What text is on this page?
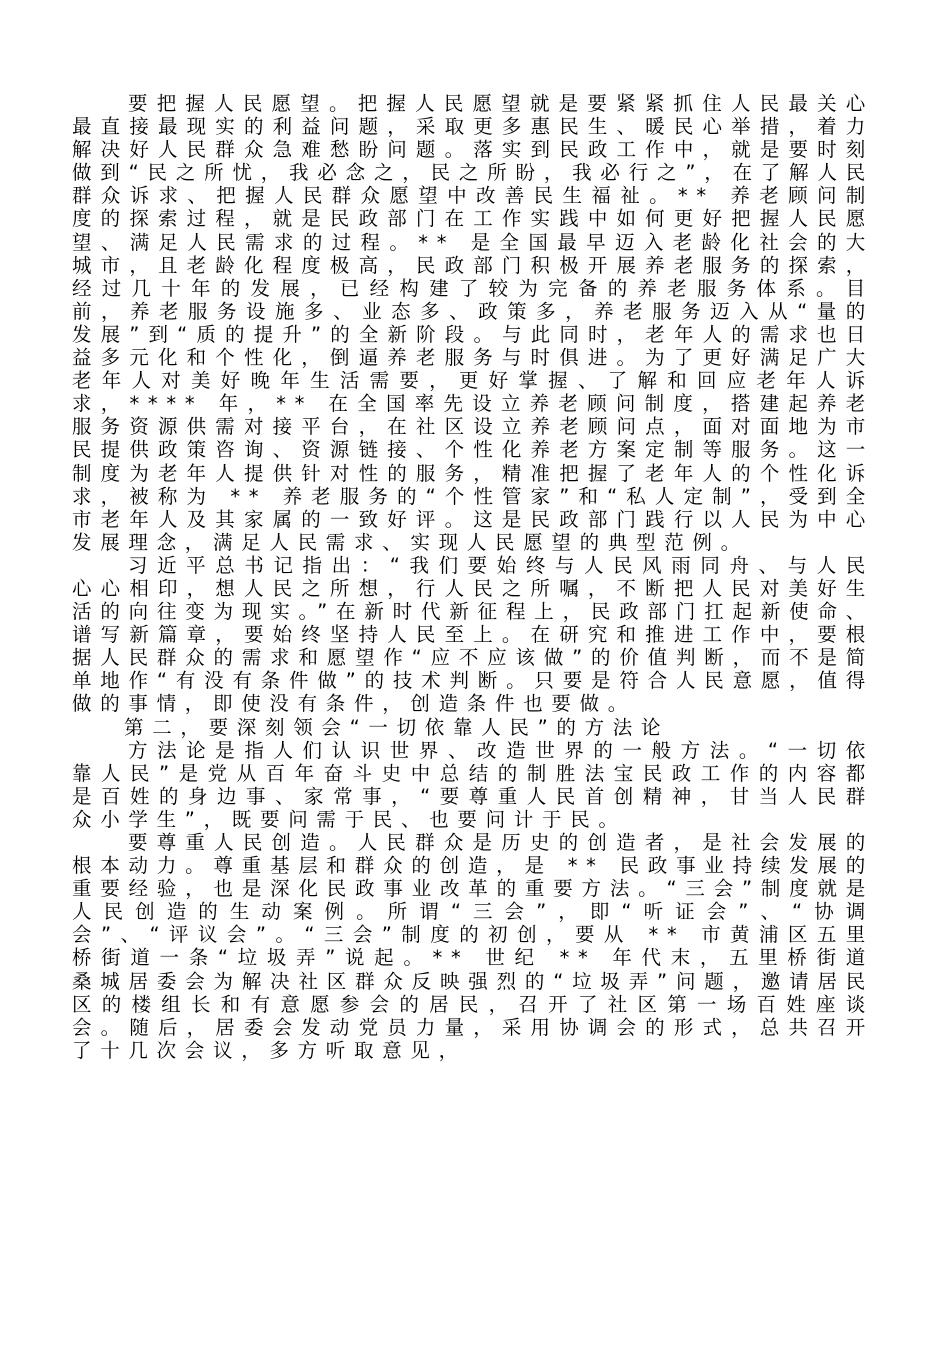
要把握人民愿望。把握人民愿望就是要紧紧抓住人民最关心最直接最现实的利益问题，采取更多惠民生、暖民心举措，着力解决好人民群众急难愁盼问题。落实到民政工作中，就是要时刻做到“民之所忧，我必念之，民之所盼，我必行之”，在了解人民群众诉求、把握人民群众愿望中改善民生福祉。** 养老顾问制度的探索过程，就是民政部门在工作实践中如何更好把握人民愿望、满足人民需求的过程。** 是全国最早迈入老龄化社会的大城市，且老龄化程度极高，民政部门积极开展养老服务的探索，经过几十年的发展，已经构建了较为完备的养老服务体系。目前，养老服务设施多、业态多、政策多，养老服务迈入从“量的发展”到“质的提升”的全新阶段。与此同时，老年人的需求也日益多元化和个性化，倒逼养老服务与时俱进。为了更好满足广大老年人对美好晚年生活需要，更好掌握、了解和回应老年人诉求，**** 年，** 在全国率先设立养老顾问制度，搭建起养老服务资源供需对接平台，在社区设立养老顾问点，面对面地为市民提供政策咨询、资源链接、个性化养老方案定制等服务。这一制度为老年人提供针对性的服务，精准把握了老年人的个性化诉求，被称为 ** 养老服务的“个性管家”和“私人定制”，受到全市老年人及其家属的一致好评。这是民政部门践行以人民为中心发展理念，满足人民需求、实现人民愿望的典型范例。

习近平总书记指出：“我们要始终与人民风雨同舟、与人民心心相印，想人民之所想，行人民之所嘱，不断把人民对美好生活的向往变为现实。”在新时代新征程上，民政部门扛起新使命、谱写新篇章，要始终坚持人民至上。在研究和推进工作中，要根据人民群众的需求和愿望作“应不应该做”的价值判断，而不是简单地作“有没有条件做”的技术判断。只要是符合人民意愿，值得做的事情，即使没有条件，创造条件也要做。

第二，要深刻领会“一切依靠人民”的方法论

方法论是指人们认识世界、改造世界的一般方法。“一切依靠人民”是党从百年奋斗史中总结的制胜法宝民政工作的内容都是百姓的身边事、家常事，“要尊重人民首创精神，甘当人民群众小学生”，既要问需于民、也要问计于民。

要尊重人民创造。人民群众是历史的创造者，是社会发展的根本动力。尊重基层和群众的创造，是 ** 民政事业持续发展的重要经验，也是深化民政事业改革的重要方法。“三会”制度就是人民创造的生动案例。所谓“三会”，即“听证会”、“协调会”、“评议会”。“三会”制度的初创，要从 ** 市黄浦区五里桥街道一条“垃圾弄”说起。** 世纪 ** 年代末，五里桥街道桑城居委会为解决社区群众反映强烈的“垃圾弄”问题，邀请居民区的楼组长和有意愿参会的居民，召开了社区第一场百姓座谈会。随后，居委会发动党员力量，采用协调会的形式，总共召开了十几次会议，多方听取意见，
